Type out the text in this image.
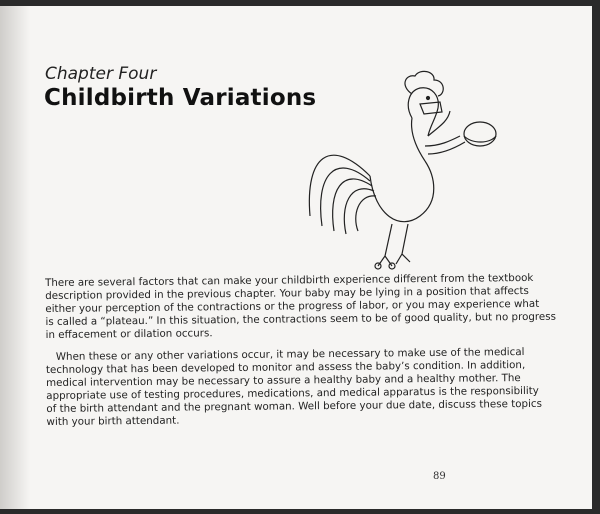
Chapter Four
Childbirth Variations
There are several factors that can make your childbirth experience different from the textbook
description provided in the previous chapter. Your baby may be lying in a position that affects
either your perception of the contractions or the progress of labor, or you may experience what
is called a “plateau.” In this situation, the contractions seem to be of good quality, but no progress
in effacement or dilation occurs.
When these or any other variations occur, it may be necessary to make use of the medical
technology that has been developed to monitor and assess the baby’s condition. In addition,
medical intervention may be necessary to assure a healthy baby and a healthy mother. The
appropriate use of testing procedures, medications, and medical apparatus is the responsibility
of the birth attendant and the pregnant woman. Well before your due date, discuss these topics
with your birth attendant.
89
